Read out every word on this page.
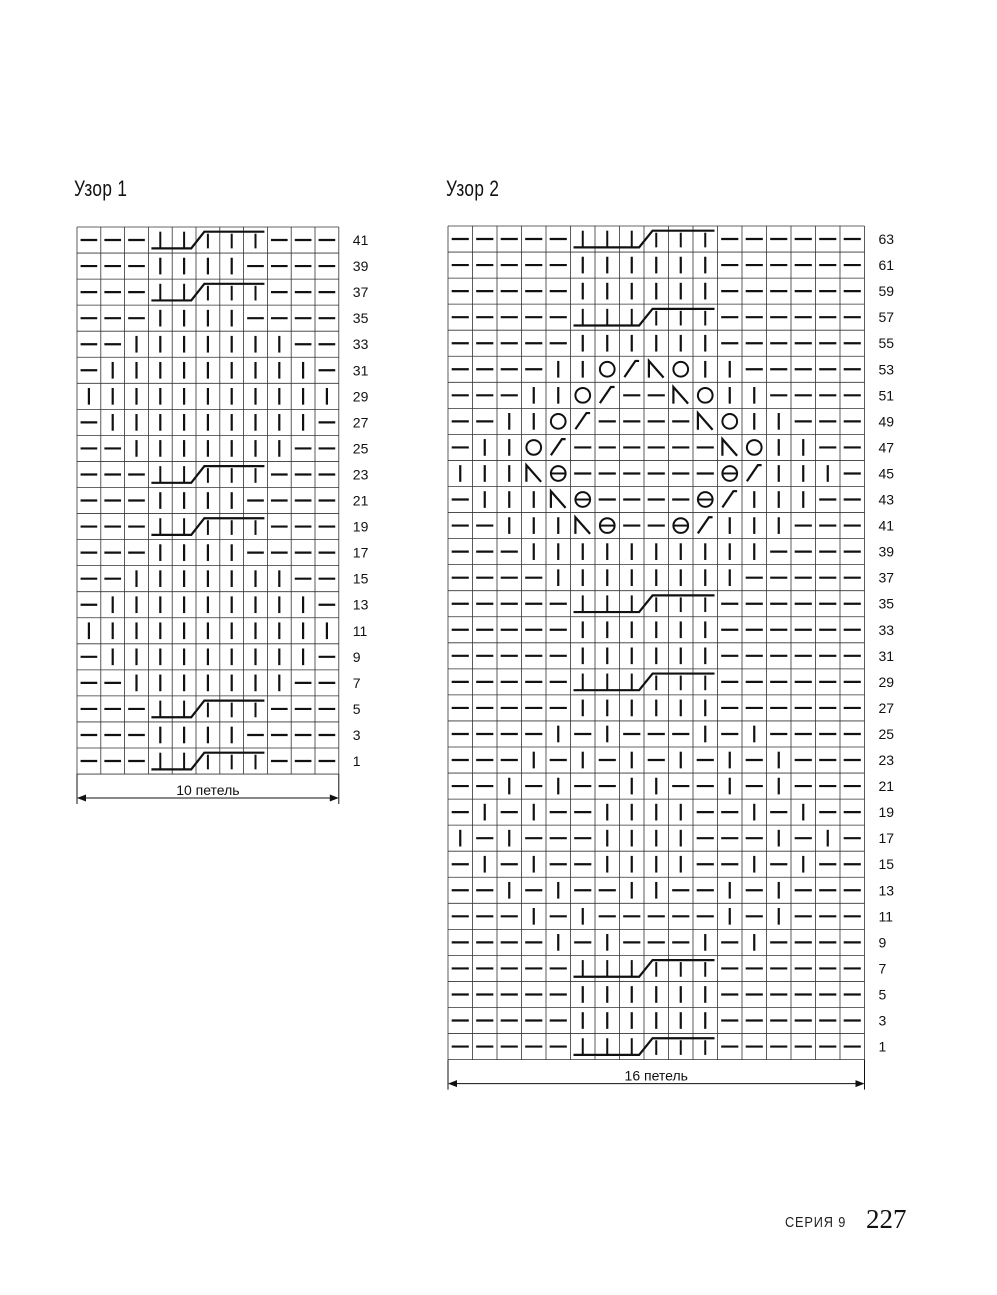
Узор 1	Узор 2
41
39
37
35
33
31
29
27
25
23
21
19
17
15
13
11
9
7
5
3
1
10 петель
63
61
59
57
55
53
51
49
47
45
43
41
39
37
35
33
31
29
27
25
23
21
19
17
15
13
11
9
7
5
3
1
16 петель
СЕРИЯ 9 227
